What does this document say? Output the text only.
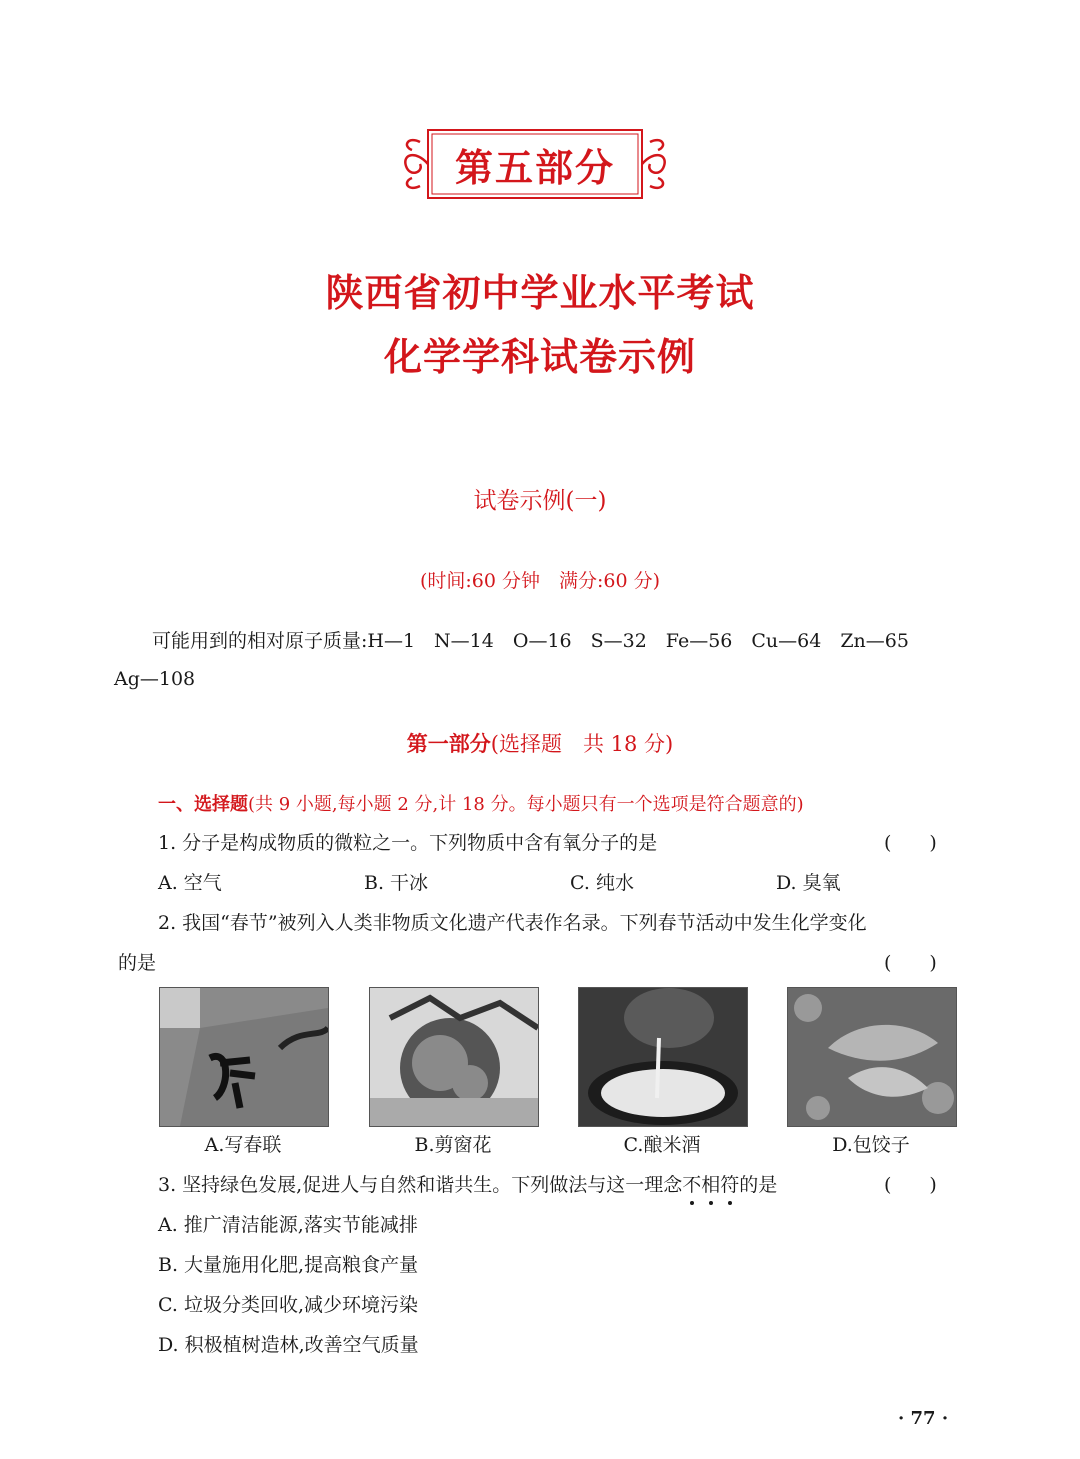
第五部分
陕西省初中学业水平考试
化学学科试卷示例
试卷示例(一)
(时间:60 分钟　满分:60 分)
可能用到的相对原子质量:H—1　N—14　O—16　S—32　Fe—56　Cu—64　Zn—65
Ag—108
第一部分(选择题　共 18 分)
一、选择题(共 9 小题,每小题 2 分,计 18 分。每小题只有一个选项是符合题意的)
1. 分子是构成物质的微粒之一。下列物质中含有氧分子的是	(　　)
A. 空气	B. 干冰	C. 纯水	D. 臭氧
2. 我国“春节”被列入人类非物质文化遗产代表作名录。下列春节活动中发生化学变化
的是	(　　)
A.写春联	B.剪窗花	C.酿米酒	D.包饺子
3. 坚持绿色发展,促进人与自然和谐共生。下列做法与这一理念不相符的是	(　　)
A. 推广清洁能源,落实节能减排
B. 大量施用化肥,提高粮食产量
C. 垃圾分类回收,减少环境污染
D. 积极植树造林,改善空气质量
· 77 ·
